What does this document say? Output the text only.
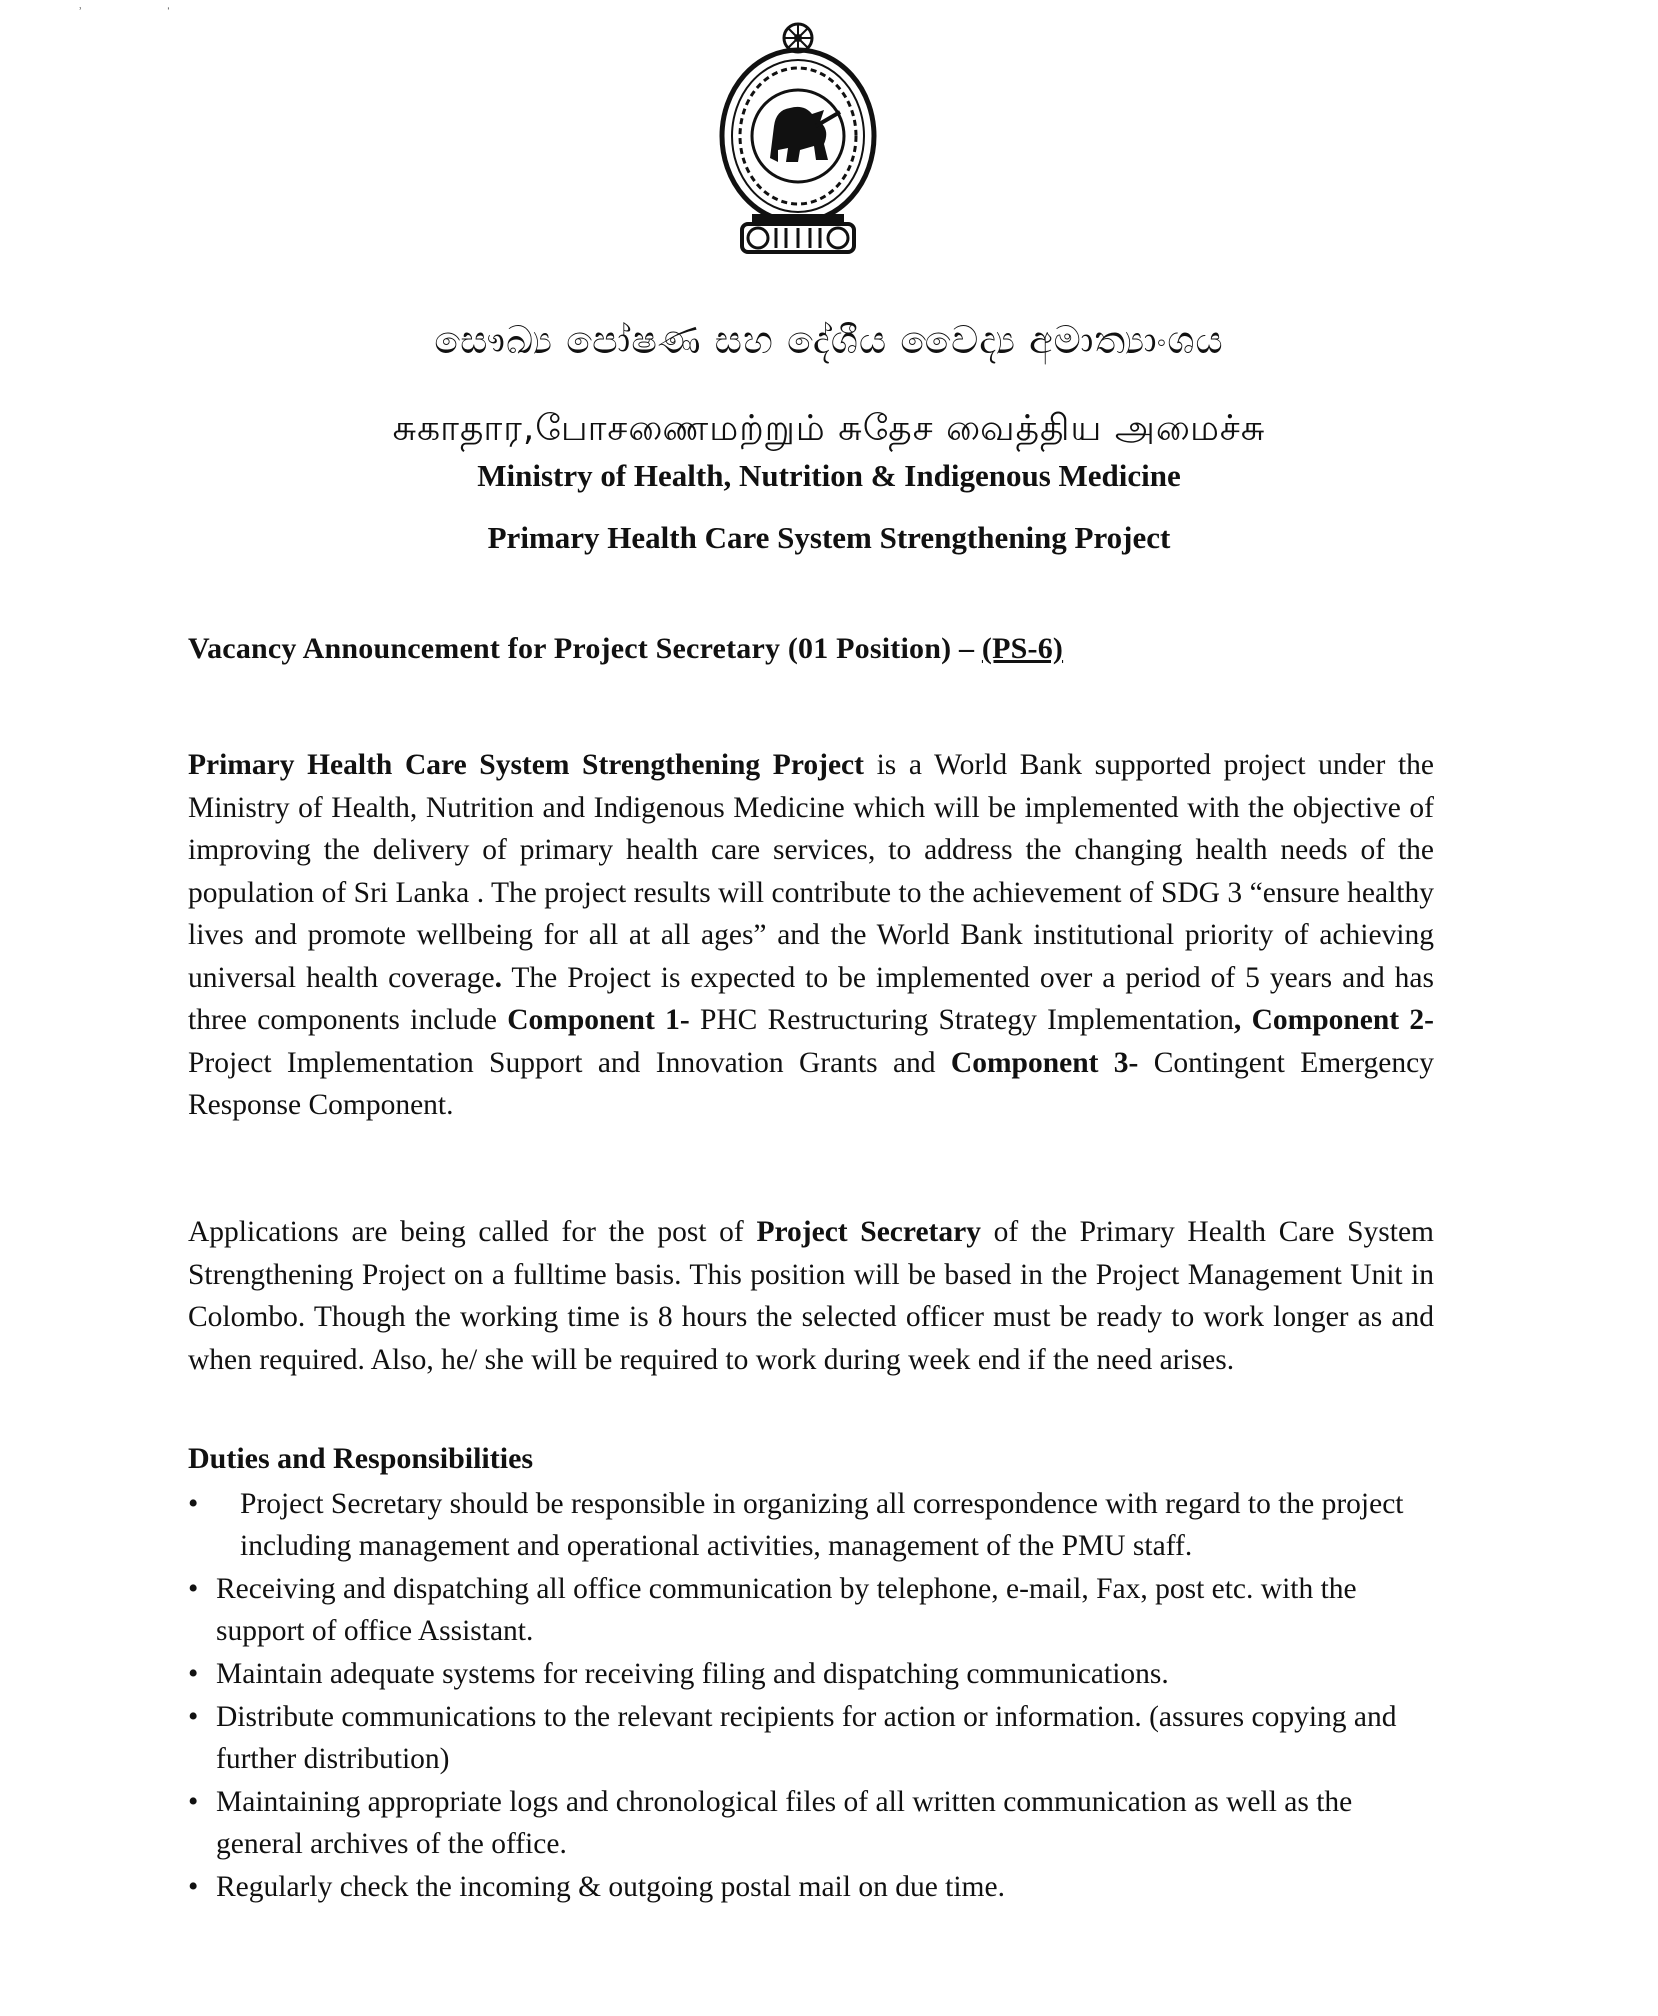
ʾ	ˈ
සෞඛ්‍ය පෝෂණ සහ දේශීය වෛද්‍ය අමාත්‍යාංශය
சுகாதார,போசணைமற்றும் சுதேச வைத்திய அமைச்சு
Ministry of Health, Nutrition & Indigenous Medicine
Primary Health Care System Strengthening Project
Vacancy Announcement for Project Secretary (01 Position) – (PS-6)
Primary Health Care System Strengthening Project is a World Bank supported project under the Ministry of Health, Nutrition and Indigenous Medicine which will be implemented with the objective of improving the delivery of primary health care services, to address the changing health needs of the population of Sri Lanka . The project results will contribute to the achievement of SDG 3 “ensure healthy lives and promote wellbeing for all at all ages” and the World Bank institutional priority of achieving universal health coverage. The Project is expected to be implemented over a period of 5 years and has three components include Component 1- PHC Restructuring Strategy Implementation, Component 2- Project Implementation Support and Innovation Grants and Component 3- Contingent Emergency Response Component.
Applications are being called for the post of Project Secretary of the Primary Health Care System Strengthening Project on a fulltime basis. This position will be based in the Project Management Unit in Colombo. Though the working time is 8 hours the selected officer must be ready to work longer as and when required. Also, he/ she will be required to work during week end if the need arises.
Duties and Responsibilities
•	Project Secretary should be responsible in organizing all correspondence with regard to the project including management and operational activities, management of the PMU staff.
• Receiving and dispatching all office communication by telephone, e-mail, Fax, post etc. with the support of office Assistant.
• Maintain adequate systems for receiving filing and dispatching communications.
• Distribute communications to the relevant recipients for action or information. (assures copying and further distribution)
• Maintaining appropriate logs and chronological files of all written communication as well as the general archives of the office.
• Regularly check the incoming & outgoing postal mail on due time.
